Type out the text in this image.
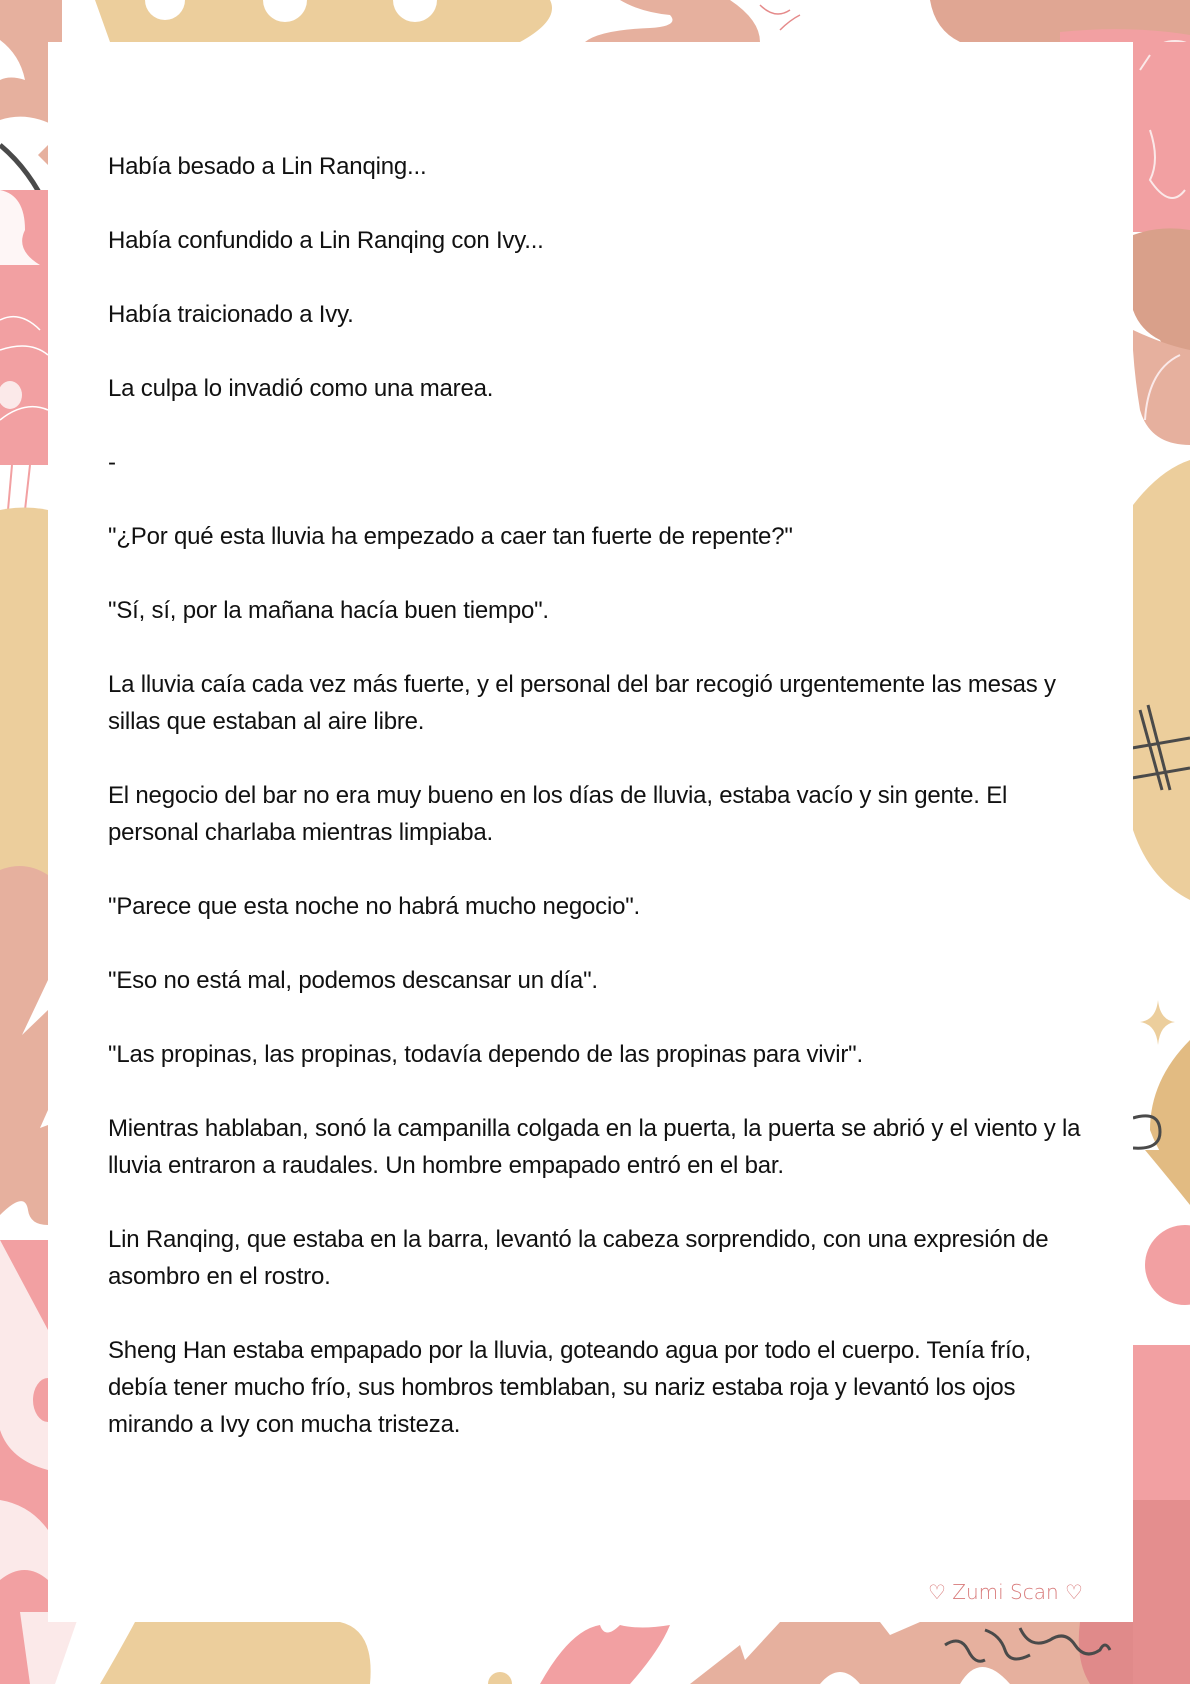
Había besado a Lin Ranqing...

Había confundido a Lin Ranqing con Ivy...

Había traicionado a Ivy.

La culpa lo invadió como una marea.

-

"¿Por qué esta lluvia ha empezado a caer tan fuerte de repente?"

"Sí, sí, por la mañana hacía buen tiempo".

La lluvia caía cada vez más fuerte, y el personal del bar recogió urgentemente las mesas y sillas que estaban al aire libre.

El negocio del bar no era muy bueno en los días de lluvia, estaba vacío y sin gente. El personal charlaba mientras limpiaba.

"Parece que esta noche no habrá mucho negocio".

"Eso no está mal, podemos descansar un día".

"Las propinas, las propinas, todavía dependo de las propinas para vivir".

Mientras hablaban, sonó la campanilla colgada en la puerta, la puerta se abrió y el viento y la lluvia entraron a raudales. Un hombre empapado entró en el bar.

Lin Ranqing, que estaba en la barra, levantó la cabeza sorprendido, con una expresión de asombro en el rostro.

Sheng Han estaba empapado por la lluvia, goteando agua por todo el cuerpo. Tenía frío, debía tener mucho frío, sus hombros temblaban, su nariz estaba roja y levantó los ojos mirando a Ivy con mucha tristeza.

♡ Zumi Scan ♡
